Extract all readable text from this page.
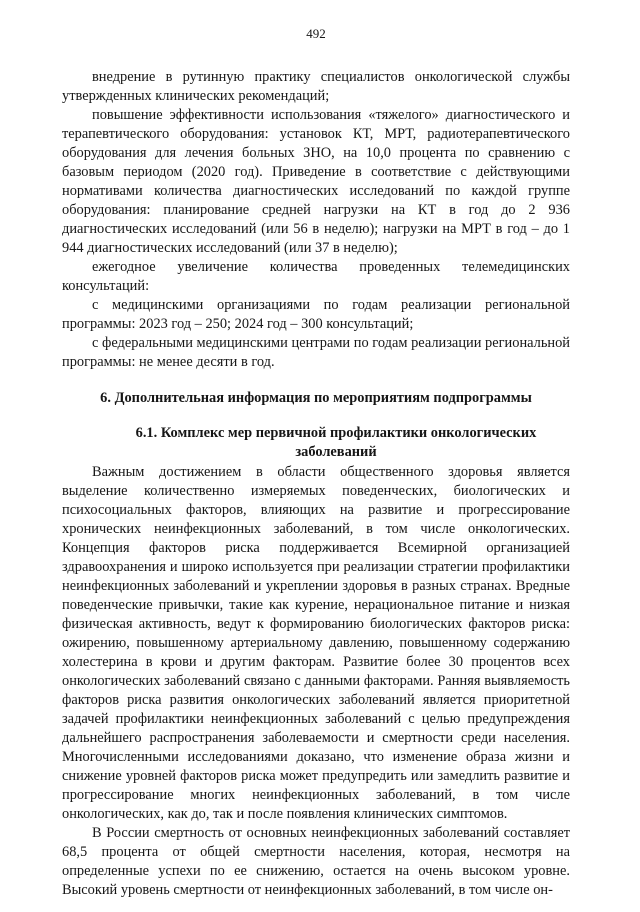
492

внедрение в рутинную практику специалистов онкологической службы утвержденных клинических рекомендаций;

повышение эффективности использования «тяжелого» диагностического и терапевтического оборудования: установок КТ, МРТ, радиотерапевтического оборудования для лечения больных ЗНО, на 10,0 процента по сравнению с базовым периодом (2020 год). Приведение в соответствие с действующими нормативами количества диагностических исследований по каждой группе оборудования: планирование средней нагрузки на КТ в год до 2 936 диагностических исследований (или 56 в неделю); нагрузки на МРТ в год – до 1 944 диагностических исследований (или 37 в неделю);

ежегодное увеличение количества проведенных телемедицинских консультаций:

с медицинскими организациями по годам реализации региональной программы: 2023 год – 250; 2024 год – 300 консультаций;

с федеральными медицинскими центрами по годам реализации региональной программы: не менее десяти в год.

6. Дополнительная информация по мероприятиям подпрограммы
6.1. Комплекс мер первичной профилактики онкологических
заболеваний

Важным достижением в области общественного здоровья является выделение количественно измеряемых поведенческих, биологических и психосоциальных факторов, влияющих на развитие и прогрессирование хронических неинфекционных заболеваний, в том числе онкологических. Концепция факторов риска поддерживается Всемирной организацией здравоохранения и широко используется при реализации стратегии профилактики неинфекционных заболеваний и укреплении здоровья в разных странах. Вредные поведенческие привычки, такие как курение, нерациональное питание и низкая физическая активность, ведут к формированию биологических факторов риска: ожирению, повышенному артериальному давлению, повышенному содержанию холестерина в крови и другим факторам. Развитие более 30 процентов всех онкологических заболеваний связано с данными факторами. Ранняя выявляемость факторов риска развития онкологических заболеваний является приоритетной задачей профилактики неинфекционных заболеваний с целью предупреждения дальнейшего распространения заболеваемости и смертности среди населения. Многочисленными исследованиями доказано, что изменение образа жизни и снижение уровней факторов риска может предупредить или замедлить развитие и прогрессирование многих неинфекционных заболеваний, в том числе онкологических, как до, так и после появления клинических симптомов.

В России смертность от основных неинфекционных заболеваний составляет 68,5 процента от общей смертности населения, которая, несмотря на определенные успехи по ее снижению, остается на очень высоком уровне. Высокий уровень смертности от неинфекционных заболеваний, в том числе он-
